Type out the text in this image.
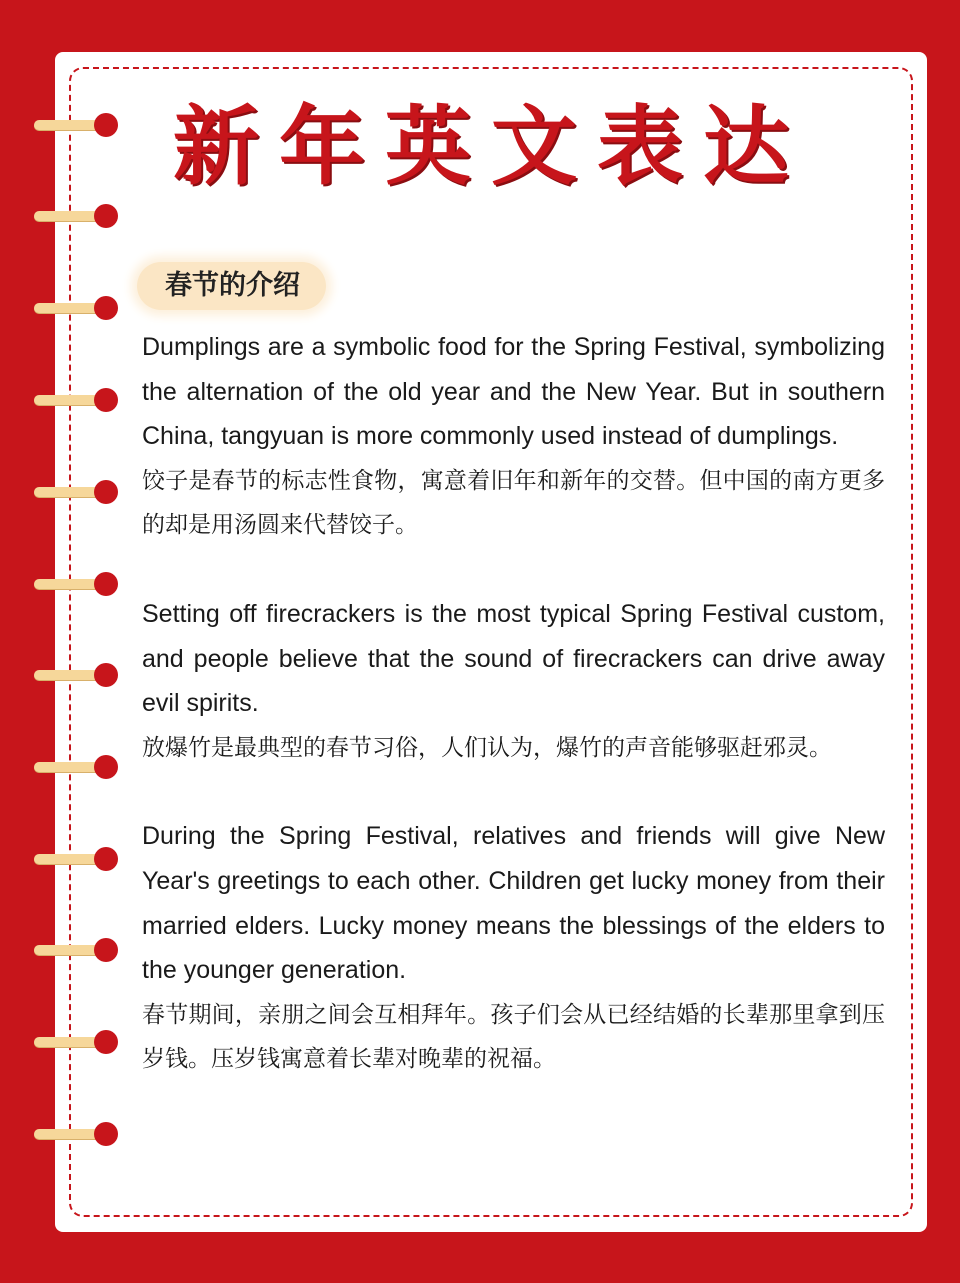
新年英文表达
春节的介绍

Dumplings are a symbolic food for the Spring Festival, symbolizing the alternation of the old year and the New Year. But in southern China, tangyuan is more commonly used instead of dumplings.

饺子是春节的标志性食物，寓意着旧年和新年的交替。但中国的南方更多的却是用汤圆来代替饺子。

Setting off firecrackers is the most typical Spring Festival custom, and people believe that the sound of firecrackers can drive away evil spirits.

放爆竹是最典型的春节习俗，人们认为，爆竹的声音能够驱赶邪灵。

During the Spring Festival, relatives and friends will give New Year's greetings to each other. Children get lucky money from their married elders. Lucky money means the blessings of the elders to the younger generation.

春节期间，亲朋之间会互相拜年。孩子们会从已经结婚的长辈那里拿到压岁钱。压岁钱寓意着长辈对晚辈的祝福。
